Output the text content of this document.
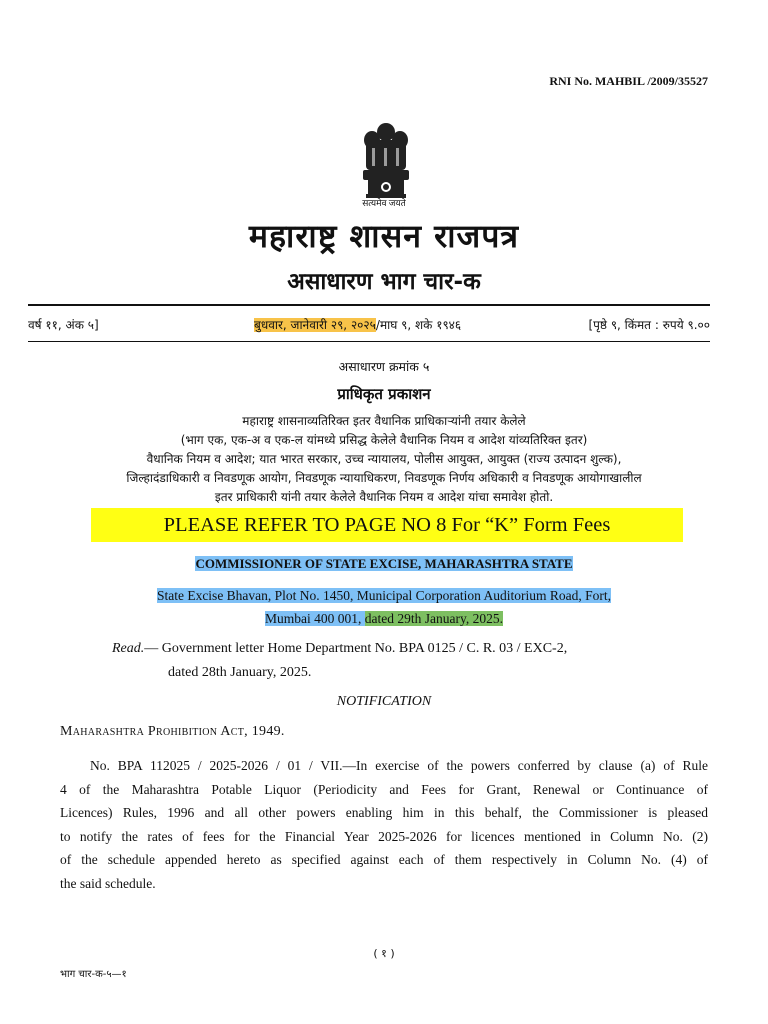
RNI No. MAHBIL /2009/35527
सत्यमेव जयते
महाराष्ट्र शासन राजपत्र
असाधारण भाग चार-क
वर्ष ११, अंक ५]	बुधवार, जानेवारी २९, २०२५/माघ ९, शके १९४६	[पृष्ठे ९, किंमत : रुपये ९.००
असाधारण क्रमांक ५
प्राधिकृत प्रकाशन
महाराष्ट्र शासनाव्यतिरिक्त इतर वैधानिक प्राधिकाऱ्यांनी तयार केलेले
(भाग एक, एक-अ व एक-ल यांमध्ये प्रसिद्ध केलेले वैधानिक नियम व आदेश यांव्यतिरिक्त इतर)
वैधानिक नियम व आदेश; यात भारत सरकार, उच्च न्यायालय, पोलीस आयुक्त, आयुक्त (राज्य उत्पादन शुल्क),
जिल्हादंडाधिकारी व निवडणूक आयोग, निवडणूक न्यायाधिकरण, निवडणूक निर्णय अधिकारी व निवडणूक आयोगाखालील
इतर प्राधिकारी यांनी तयार केलेले वैधानिक नियम व आदेश यांचा समावेश होतो.
PLEASE REFER TO PAGE NO 8 For “K” Form Fees
COMMISSIONER OF STATE EXCISE, MAHARASHTRA STATE
State Excise Bhavan, Plot No. 1450, Municipal Corporation Auditorium Road, Fort,
Mumbai 400 001, dated 29th January, 2025.
Read.— Government letter Home Department No. BPA 0125 / C. R. 03 / EXC-2,
dated 28th January, 2025.
NOTIFICATION
Maharashtra Prohibition Act, 1949.
No. BPA 112025 / 2025-2026 / 01 / VII.—In exercise of the powers conferred by clause (a) of Rule
4 of the Maharashtra Potable Liquor (Periodicity and Fees for Grant, Renewal or Continuance of
Licences) Rules, 1996 and all other powers enabling him in this behalf, the Commissioner is pleased
to notify the rates of fees for the Financial Year 2025-2026 for licences mentioned in Column No. (2)
of the schedule appended hereto as specified against each of them respectively in Column No. (4) of
the said schedule.
( १ )
भाग चार-क-५—१
